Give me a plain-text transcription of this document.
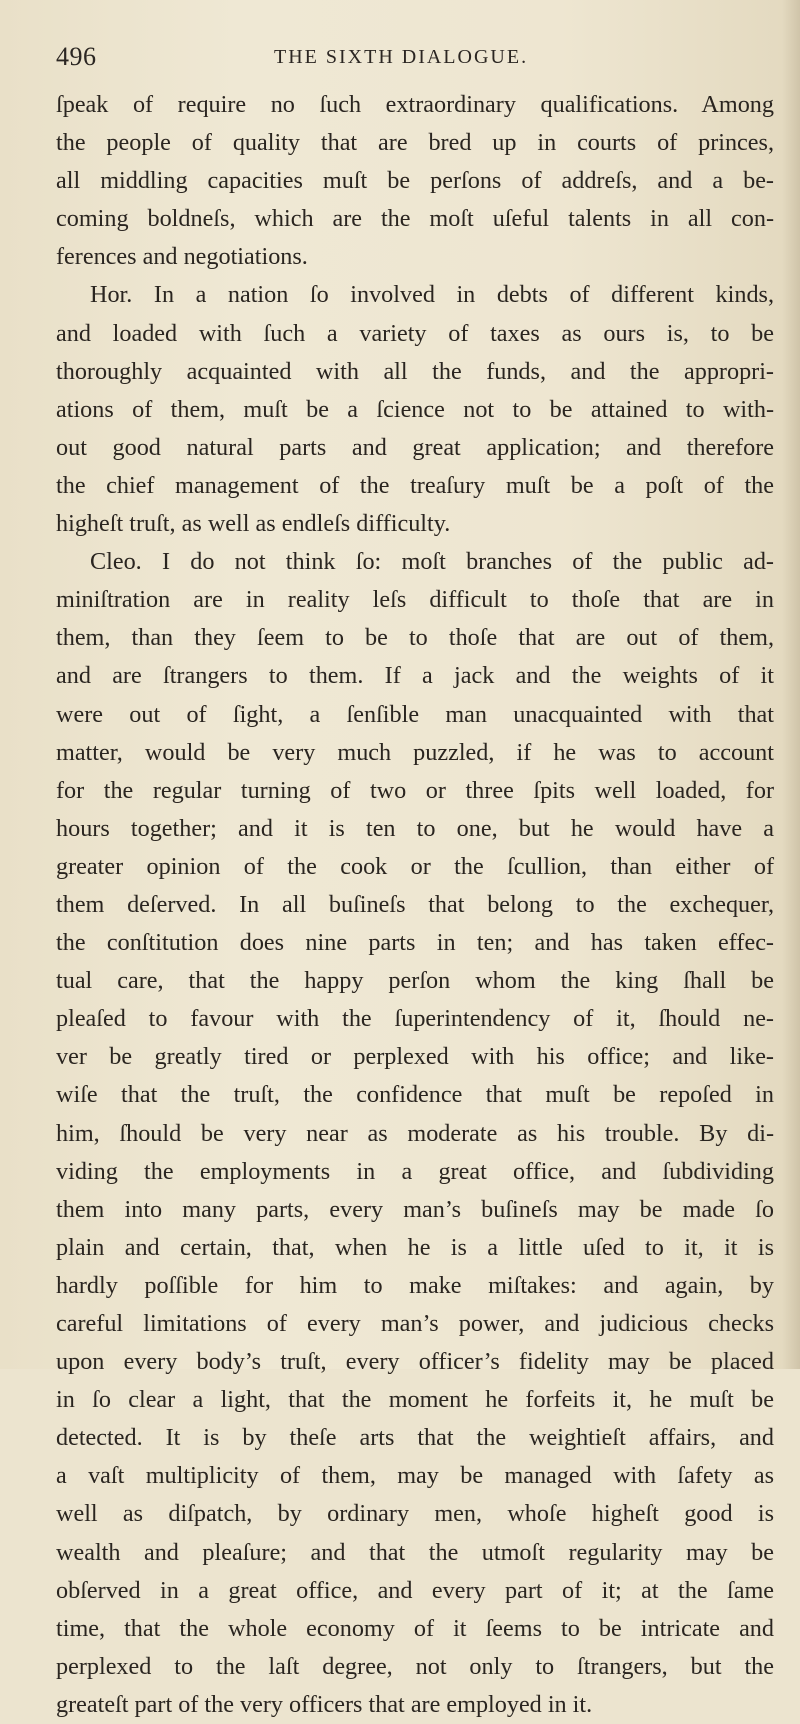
496	THE SIXTH DIALOGUE.
ſpeak of require no ſuch extraordinary qualifications. Among
the people of quality that are bred up in courts of princes,
all middling capacities muſt be perſons of addreſs, and a be-
coming boldneſs, which are the moſt uſeful talents in all con-
ferences and negotiations.
Hor. In a nation ſo involved in debts of different kinds,
and loaded with ſuch a variety of taxes as ours is, to be
thoroughly acquainted with all the funds, and the appropri-
ations of them, muſt be a ſcience not to be attained to with-
out good natural parts and great application; and therefore
the chief management of the treaſury muſt be a poſt of the
higheſt truſt, as well as endleſs difficulty.
Cleo. I do not think ſo: moſt branches of the public ad-
miniſtration are in reality leſs difficult to thoſe that are in
them, than they ſeem to be to thoſe that are out of them,
and are ſtrangers to them. If a jack and the weights of it
were out of ſight, a ſenſible man unacquainted with that
matter, would be very much puzzled, if he was to account
for the regular turning of two or three ſpits well loaded, for
hours together; and it is ten to one, but he would have a
greater opinion of the cook or the ſcullion, than either of
them deſerved. In all buſineſs that belong to the exchequer,
the conſtitution does nine parts in ten; and has taken effec-
tual care, that the happy perſon whom the king ſhall be
pleaſed to favour with the ſuperintendency of it, ſhould ne-
ver be greatly tired or perplexed with his office; and like-
wiſe that the truſt, the confidence that muſt be repoſed in
him, ſhould be very near as moderate as his trouble. By di-
viding the employments in a great office, and ſubdividing
them into many parts, every man’s buſineſs may be made ſo
plain and certain, that, when he is a little uſed to it, it is
hardly poſſible for him to make miſtakes: and again, by
careful limitations of every man’s power, and judicious checks
upon every body’s truſt, every officer’s fidelity may be placed
in ſo clear a light, that the moment he forfeits it, he muſt be
detected. It is by theſe arts that the weightieſt affairs, and
a vaſt multiplicity of them, may be managed with ſafety as
well as diſpatch, by ordinary men, whoſe higheſt good is
wealth and pleaſure; and that the utmoſt regularity may be
obſerved in a great office, and every part of it; at the ſame
time, that the whole economy of it ſeems to be intricate and
perplexed to the laſt degree, not only to ſtrangers, but the
greateſt part of the very officers that are employed in it.
